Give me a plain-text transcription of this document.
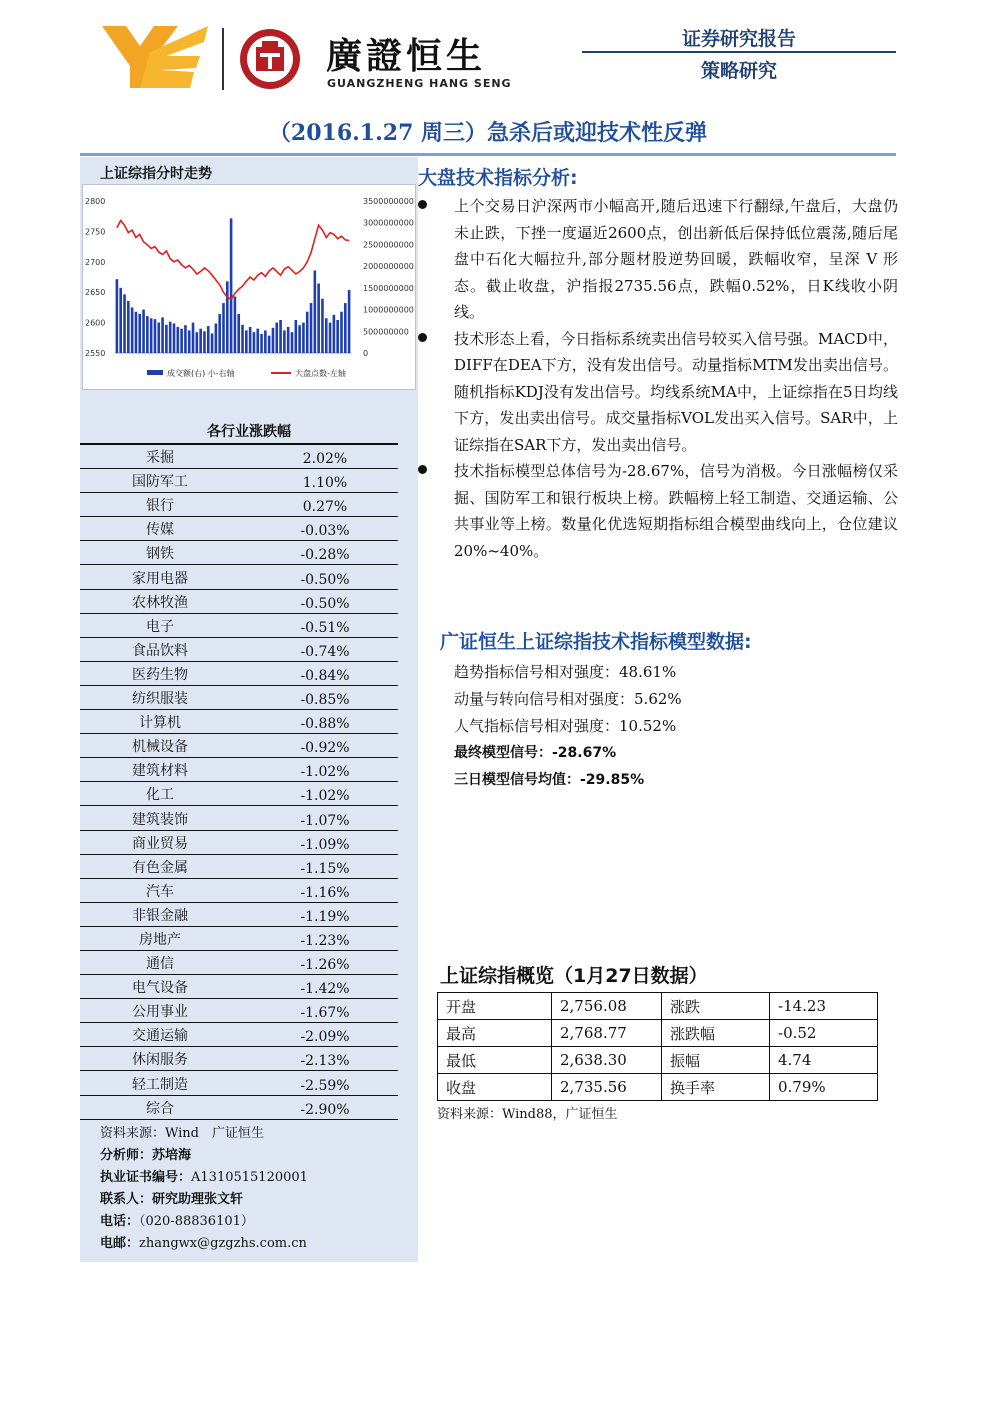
廣證恒生
GUANGZHENG HANG SENG
证券研究报告
策略研究
（2016.1.27 周三）急杀后或迎技术性反弹
上证综指分时走势
2800
2750
2700
2650
2600
2550
3500000000
3000000000
2500000000
2000000000
1500000000
1000000000
500000000
0
成交额(右) 小-右轴	大盘点数-左轴
各行业涨跌幅
采掘	2.02%
国防军工	1.10%
银行	0.27%
传媒	-0.03%
钢铁	-0.28%
家用电器	-0.50%
农林牧渔	-0.50%
电子	-0.51%
食品饮料	-0.74%
医药生物	-0.84%
纺织服装	-0.85%
计算机	-0.88%
机械设备	-0.92%
建筑材料	-1.02%
化工	-1.02%
建筑装饰	-1.07%
商业贸易	-1.09%
有色金属	-1.15%
汽车	-1.16%
非银金融	-1.19%
房地产	-1.23%
通信	-1.26%
电气设备	-1.42%
公用事业	-1.67%
交通运输	-2.09%
休闲服务	-2.13%
轻工制造	-2.59%
综合	-2.90%
资料来源：Wind　广证恒生
分析师：苏培海
执业证书编号：A1310515120001
联系人：研究助理张文轩
电话：（020-88836101）
电邮：zhangwx@gzgzhs.com.cn
大盘技术指标分析:
上个交易日沪深两市小幅高开,随后迅速下行翻绿,午盘后，大盘仍未止跌，下挫一度逼近2600点，创出新低后保持低位震荡,随后尾盘中石化大幅拉升,部分题材股逆势回暖，跌幅收窄，呈深 V 形态。截止收盘，沪指报2735.56点，跌幅0.52%，日K线收小阴线。
技术形态上看，今日指标系统卖出信号较买入信号强。MACD中，DIFF在DEA下方，没有发出信号。动量指标MTM发出卖出信号。随机指标KDJ没有发出信号。均线系统MA中，上证综指在5日均线下方，发出卖出信号。成交量指标VOL发出买入信号。SAR中，上证综指在SAR下方，发出卖出信号。
技术指标模型总体信号为-28.67%，信号为消极。今日涨幅榜仅采掘、国防军工和银行板块上榜。跌幅榜上轻工制造、交通运输、公共事业等上榜。数量化优选短期指标组合模型曲线向上，仓位建议20%~40%。
广证恒生上证综指技术指标模型数据:
趋势指标信号相对强度：48.61%
动量与转向信号相对强度：5.62%
人气指标信号相对强度：10.52%
最终模型信号：-28.67%
三日模型信号均值：-29.85%
上证综指概览（1月27日数据）
开盘	2,756.08	涨跌	-14.23
最高	2,768.77	涨跌幅	-0.52
最低	2,638.30	振幅	4.74
收盘	2,735.56	换手率	0.79%
资料来源：Wind88，广证恒生
